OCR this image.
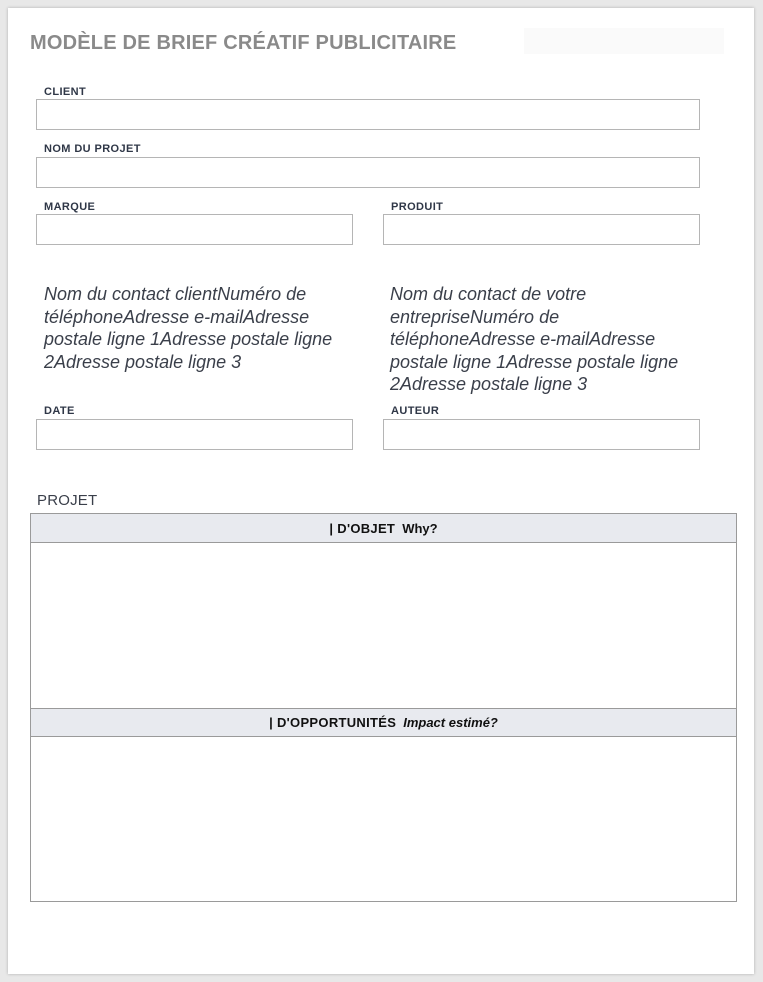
MODÈLE DE BRIEF CRÉATIF PUBLICITAIRE
CLIENT
NOM DU PROJET
MARQUE	PRODUIT
Nom du contact clientNuméro de téléphoneAdresse e-mailAdresse postale ligne 1Adresse postale ligne 2Adresse postale ligne 3
Nom du contact de votre entrepriseNuméro de téléphoneAdresse e-mailAdresse postale ligne 1Adresse postale ligne 2Adresse postale ligne 3
DATE	AUTEUR
PROJET
| D'OBJET Why?
| D'OPPORTUNITÉS Impact estimé?
